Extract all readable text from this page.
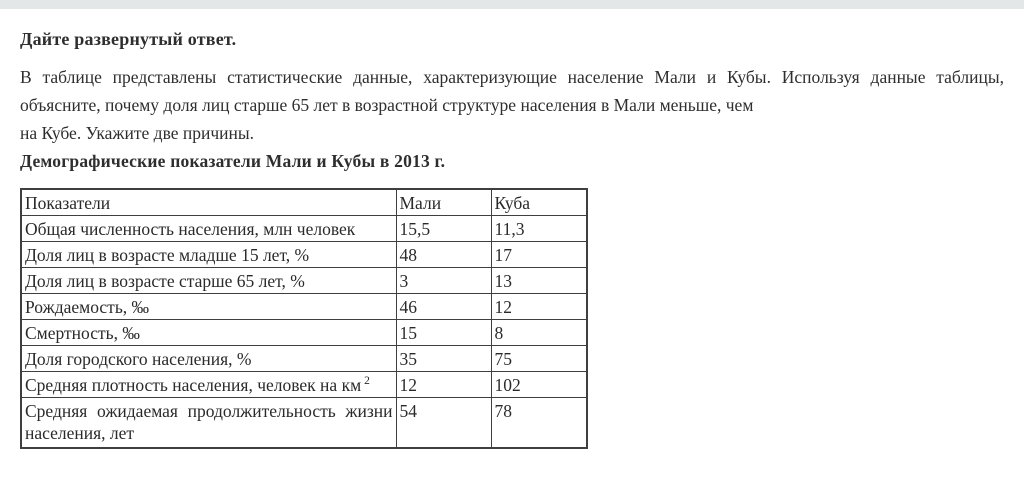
Дайте развернутый ответ.
В таблице представлены статистические данные, характеризующие население Мали и Кубы. Используя данные таблицы,
объясните, почему доля лиц старше 65 лет в возрастной структуре населения в Мали меньше, чем
на Кубе. Укажите две причины.
Демографические показатели Мали и Кубы в 2013 г.
Показатели	Мали	Куба
Общая численность населения, млн человек	15,5	11,3
Доля лиц в возрасте младше 15 лет, %	48	17
Доля лиц в возрасте старше 65 лет, %	3	13
Рождаемость, ‰	46	12
Смертность, ‰	15	8
Доля городского населения, %	35	75
Средняя плотность населения, человек на км $^2$	12	102

Средняя ожидаемая продолжительность жизни
населения, лет	54	78
